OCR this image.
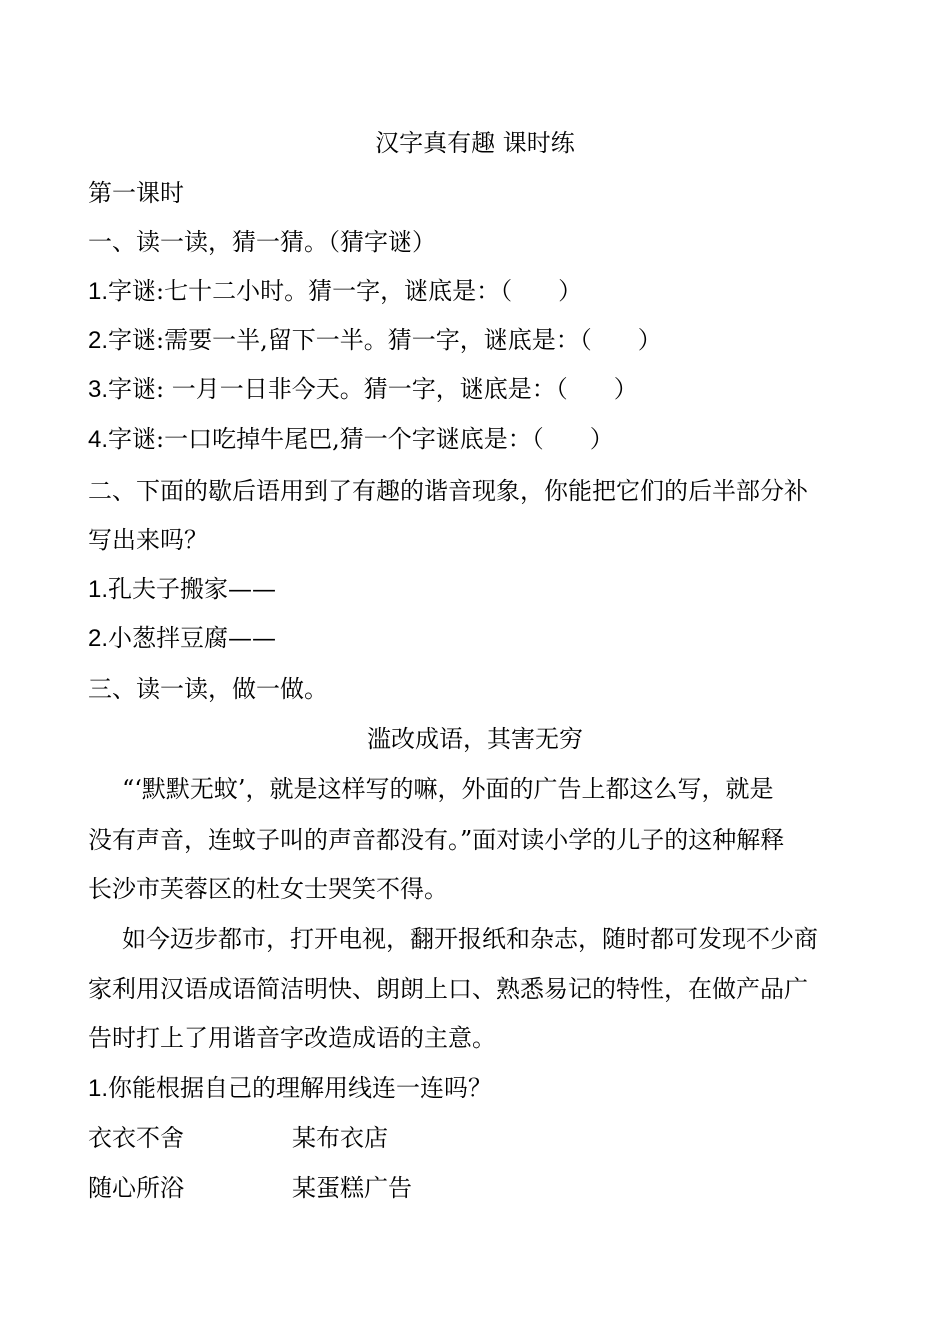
汉字真有趣 课时练
第一课时
一、读一读，猜一猜。（猜字谜）
1.字谜:七十二小时。猜一字，谜底是：（ ）
2.字谜:需要一半,留下一半。猜一字，谜底是：（ ）
3.字谜: 一月一日非今天。猜一字，谜底是：（ ）
4.字谜:一口吃掉牛尾巴,猜一个字谜底是：（ ）
二、下面的歇后语用到了有趣的谐音现象，你能把它们的后半部分补
写出来吗？
1.孔夫子搬家——
2.小葱拌豆腐——
三、读一读，做一做。
滥改成语，其害无穷
“‘默默无蚊’，就是这样写的嘛，外面的广告上都这么写，就是
没有声音，连蚊子叫的声音都没有。”面对读小学的儿子的这种解释
长沙市芙蓉区的杜女士哭笑不得。
如今迈步都市，打开电视，翻开报纸和杂志，随时都可发现不少商
家利用汉语成语简洁明快、朗朗上口、熟悉易记的特性，在做产品广
告时打上了用谐音字改造成语的主意。
1.你能根据自己的理解用线连一连吗？
衣衣不舍	某布衣店
随心所浴	某蛋糕广告
